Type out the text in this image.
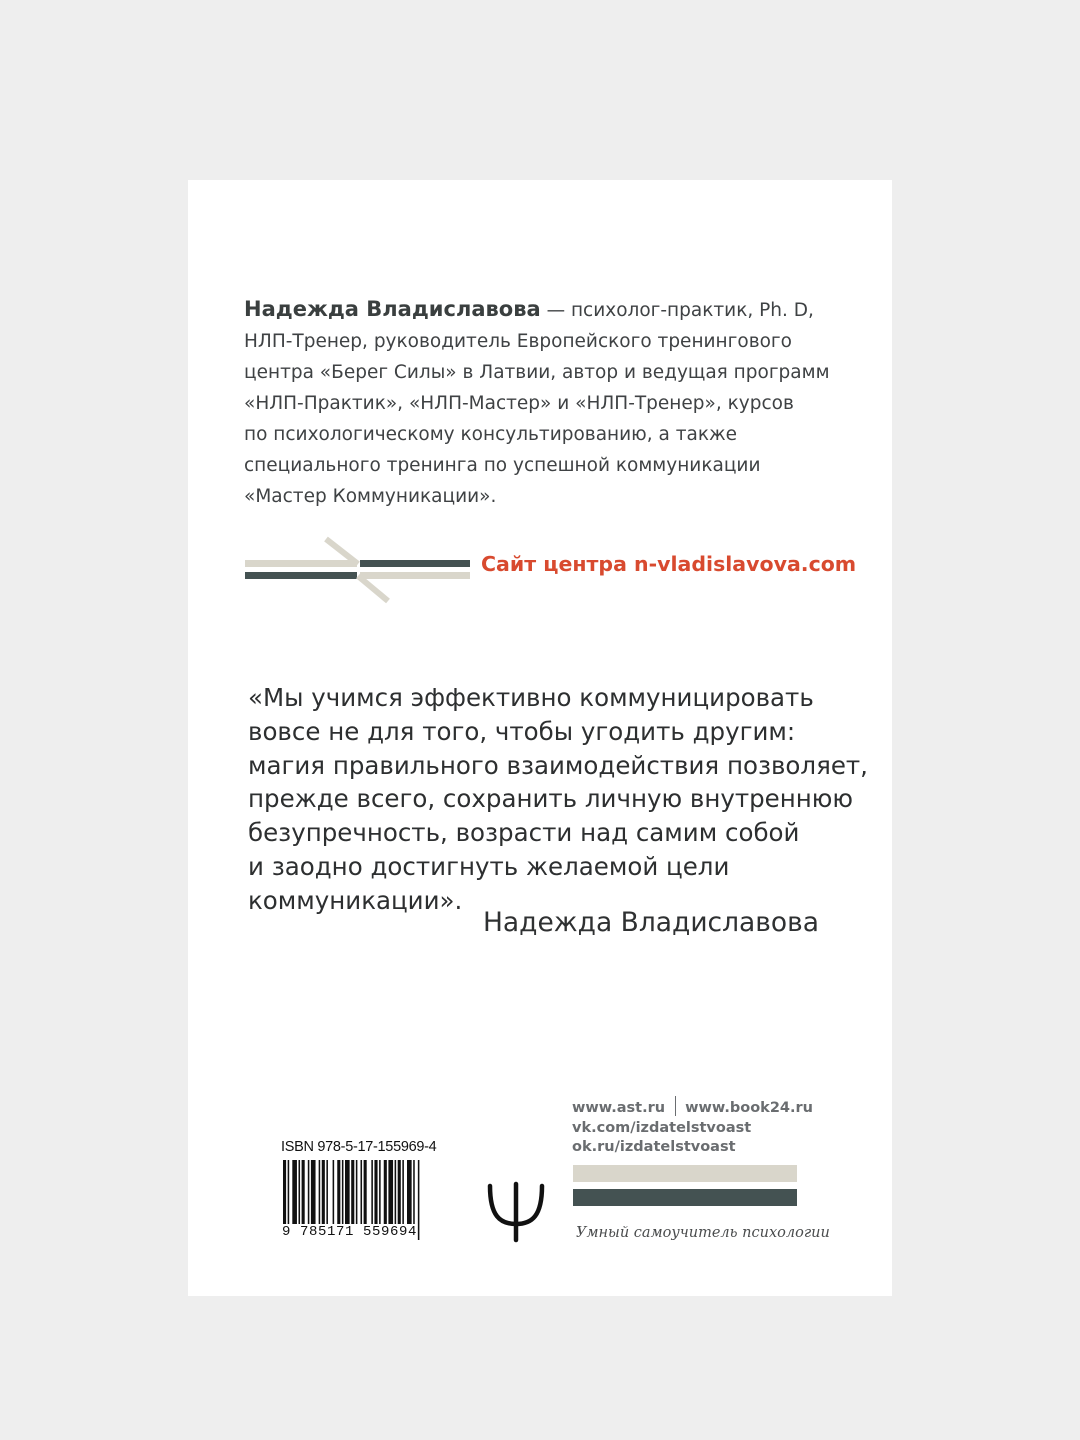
Надежда Владиславова — психолог-практик, Ph. D,
НЛП-Тренер, руководитель Европейского тренингового
центра «Берег Силы» в Латвии, автор и ведущая программ
«НЛП-Практик», «НЛП-Мастер» и «НЛП-Тренер», курсов
по психологическому консультированию, а также
специального тренинга по успешной коммуникации
«Мастер Коммуникации».
Сайт центра n-vladislavova.com
«Мы учимся эффективно коммуницировать
вовсе не для того, чтобы угодить другим:
магия правильного взаимодействия позволяет,
прежде всего, сохранить личную внутреннюю
безупречность, возрасти над самим собой
и заодно достигнуть желаемой цели
коммуникации».
Надежда Владиславова
ISBN 978-5-17-155969-4
9 785171 559694
www.ast.ru www.book24.ru
vk.com/izdatelstvoast
ok.ru/izdatelstvoast
Умный самоучитель психологии
